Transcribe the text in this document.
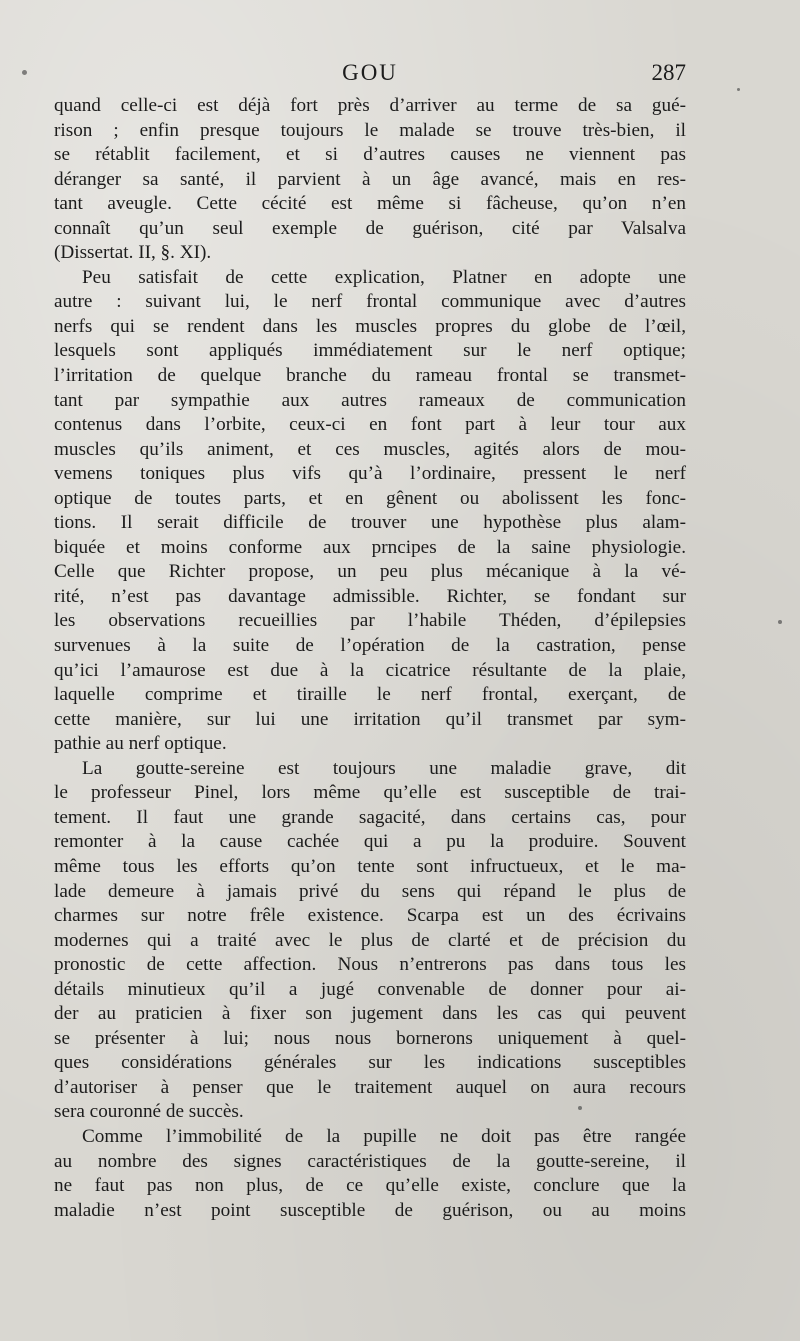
GOU	287
quand celle-ci est déjà fort près d’arriver au terme de sa gué-
rison ; enfin presque toujours le malade se trouve très-bien, il
se rétablit facilement, et si d’autres causes ne viennent pas
déranger sa santé, il parvient à un âge avancé, mais en res-
tant aveugle. Cette cécité est même si fâcheuse, qu’on n’en
connaît qu’un seul exemple de guérison, cité par Valsalva
(Dissertat. II, §. XI).
Peu satisfait de cette explication, Platner en adopte une
autre : suivant lui, le nerf frontal communique avec d’autres
nerfs qui se rendent dans les muscles propres du globe de l’œil,
lesquels sont appliqués immédiatement sur le nerf optique;
l’irritation de quelque branche du rameau frontal se transmet-
tant par sympathie aux autres rameaux de communication
contenus dans l’orbite, ceux-ci en font part à leur tour aux
muscles qu’ils animent, et ces muscles, agités alors de mou-
vemens toniques plus vifs qu’à l’ordinaire, pressent le nerf
optique de toutes parts, et en gênent ou abolissent les fonc-
tions. Il serait difficile de trouver une hypothèse plus alam-
biquée et moins conforme aux prncipes de la saine physiologie.
Celle que Richter propose, un peu plus mécanique à la vé-
rité, n’est pas davantage admissible. Richter, se fondant sur
les observations recueillies par l’habile Théden, d’épilepsies
survenues à la suite de l’opération de la castration, pense
qu’ici l’amaurose est due à la cicatrice résultante de la plaie,
laquelle comprime et tiraille le nerf frontal, exerçant, de
cette manière, sur lui une irritation qu’il transmet par sym-
pathie au nerf optique.
La goutte-sereine est toujours une maladie grave, dit
le professeur Pinel, lors même qu’elle est susceptible de trai-
tement. Il faut une grande sagacité, dans certains cas, pour
remonter à la cause cachée qui a pu la produire. Souvent
même tous les efforts qu’on tente sont infructueux, et le ma-
lade demeure à jamais privé du sens qui répand le plus de
charmes sur notre frêle existence. Scarpa est un des écrivains
modernes qui a traité avec le plus de clarté et de précision du
pronostic de cette affection. Nous n’entrerons pas dans tous les
détails minutieux qu’il a jugé convenable de donner pour ai-
der au praticien à fixer son jugement dans les cas qui peuvent
se présenter à lui; nous nous bornerons uniquement à quel-
ques considérations générales sur les indications susceptibles
d’autoriser à penser que le traitement auquel on aura recours
sera couronné de succès.
Comme l’immobilité de la pupille ne doit pas être rangée
au nombre des signes caractéristiques de la goutte-sereine, il
ne faut pas non plus, de ce qu’elle existe, conclure que la
maladie n’est point susceptible de guérison, ou au moins
